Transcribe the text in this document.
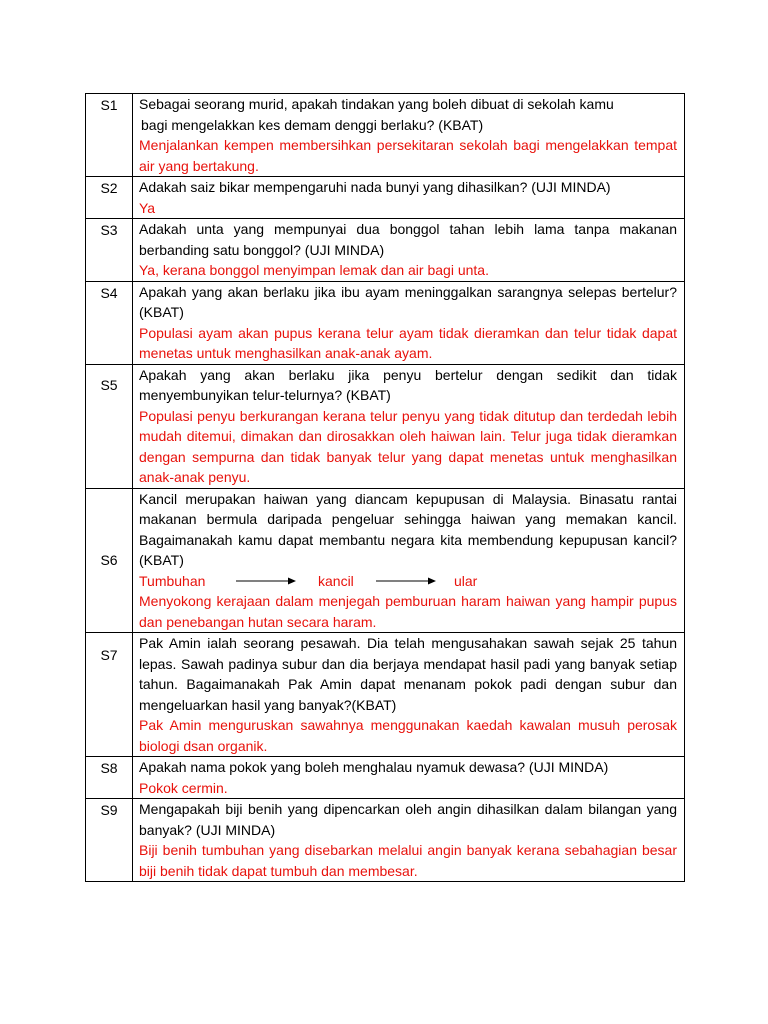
S1	Sebagai seorang murid, apakah tindakan yang boleh dibuat di sekolah kamu
bagi mengelakkan kes demam denggi berlaku? (KBAT)
Menjalankan kempen membersihkan persekitaran sekolah bagi mengelakkan tempat air yang bertakung.

S2	Adakah saiz bikar mempengaruhi nada bunyi yang dihasilkan? (UJI MINDA)
Ya

S3	Adakah unta yang mempunyai dua bonggol tahan lebih lama tanpa makanan berbanding satu bonggol? (UJI MINDA)
Ya, kerana bonggol menyimpan lemak dan air bagi unta.

S4	Apakah yang akan berlaku jika ibu ayam meninggalkan sarangnya selepas bertelur? (KBAT)
Populasi ayam akan pupus kerana telur ayam tidak dieramkan dan telur tidak dapat menetas untuk menghasilkan anak-anak ayam.

S5	Apakah yang akan berlaku jika penyu bertelur dengan sedikit dan tidak menyembunyikan telur-telurnya? (KBAT)
Populasi penyu berkurangan kerana telur penyu yang tidak ditutup dan terdedah lebih mudah ditemui, dimakan dan dirosakkan oleh haiwan lain. Telur juga tidak dieramkan dengan sempurna dan tidak banyak telur yang dapat menetas untuk menghasilkan anak-anak penyu.

S6	Kancil merupakan haiwan yang diancam kepupusan di Malaysia. Binasatu rantai makanan bermula daripada pengeluar sehingga haiwan yang memakan kancil. Bagaimanakah kamu dapat membantu negara kita membendung kepupusan kancil? (KBAT)
Tumbuhan kancil ular
Menyokong kerajaan dalam menjegah pemburuan haram haiwan yang hampir pupus dan penebangan hutan secara haram.

S7	Pak Amin ialah seorang pesawah. Dia telah mengusahakan sawah sejak 25 tahun lepas. Sawah padinya subur dan dia berjaya mendapat hasil padi yang banyak setiap tahun. Bagaimanakah Pak Amin dapat menanam pokok padi dengan subur dan mengeluarkan hasil yang banyak?(KBAT)
Pak Amin menguruskan sawahnya menggunakan kaedah kawalan musuh perosak biologi dsan organik.

S8	Apakah nama pokok yang boleh menghalau nyamuk dewasa? (UJI MINDA)
Pokok cermin.

S9	Mengapakah biji benih yang dipencarkan oleh angin dihasilkan dalam bilangan yang banyak? (UJI MINDA)
Biji benih tumbuhan yang disebarkan melalui angin banyak kerana sebahagian besar biji benih tidak dapat tumbuh dan membesar.
